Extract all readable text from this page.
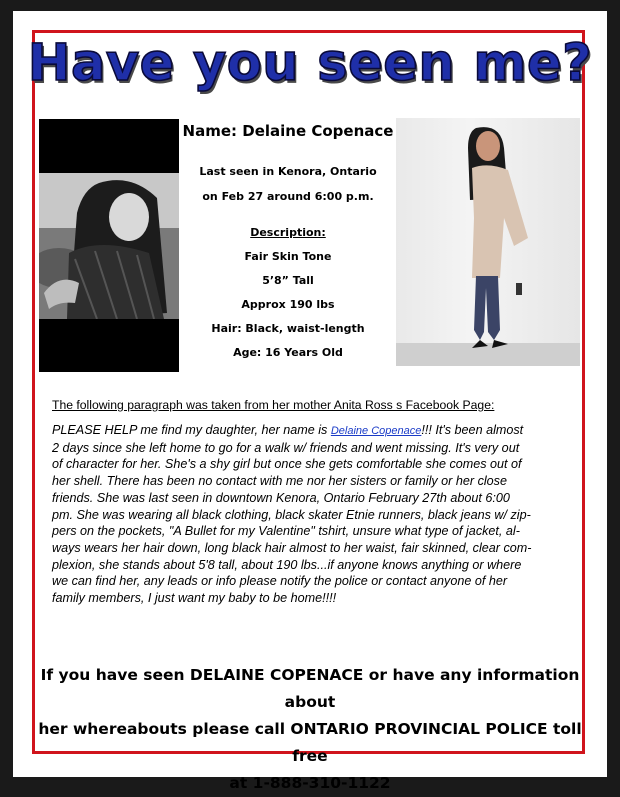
Have you seen me?
Name: Delaine Copenace
Last seen in Kenora, Ontario
on Feb 27 around 6:00 p.m.
Description:
Fair Skin Tone
5’8” Tall
Approx 190 lbs
Hair: Black, waist-length
Age: 16 Years Old
The following paragraph was taken from her mother Anita Ross s Facebook Page:
PLEASE HELP me find my daughter, her name is Delaine Copenace!!! It's been almost
2 days since she left home to go for a walk w/ friends and went missing. It's very out
of character for her. She's a shy girl but once she gets comfortable she comes out of
her shell. There has been no contact with me nor her sisters or family or her close
friends. She was last seen in downtown Kenora, Ontario February 27th about 6:00
pm. She was wearing all black clothing, black skater Etnie runners, black jeans w/ zip-
pers on the pockets, "A Bullet for my Valentine" tshirt, unsure what type of jacket, al-
ways wears her hair down, long black hair almost to her waist, fair skinned, clear com-
plexion, she stands about 5'8 tall, about 190 lbs...if anyone knows anything or where
we can find her, any leads or info please notify the police or contact anyone of her
family members, I just want my baby to be home!!!!
If you have seen DELAINE COPENACE or have any information about
her whereabouts please call ONTARIO PROVINCIAL POLICE toll free
at 1-888-310-1122
